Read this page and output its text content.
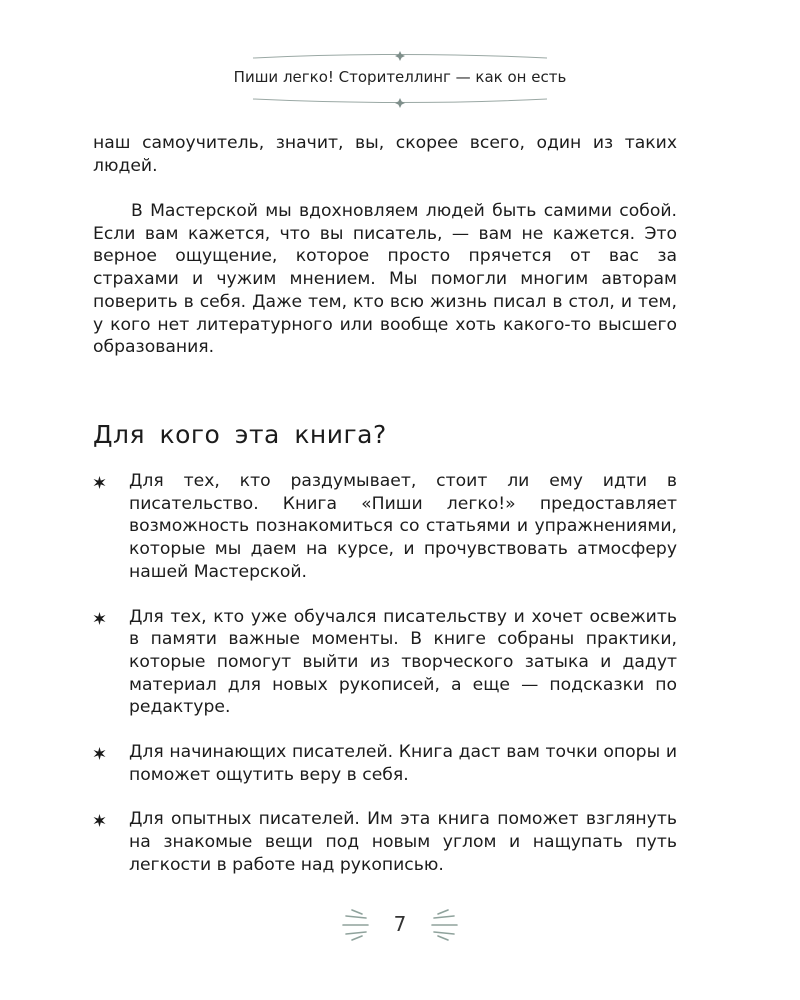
Пиши легко! Сторителлинг — как он есть

наш самоучитель, значит, вы, скорее всего, один из таких людей.

В Мастерской мы вдохновляем людей быть самими собой. Если вам кажется, что вы писатель, — вам не кажется. Это верное ощущение, которое просто прячется от вас за страхами и чужим мнением. Мы помогли многим авторам поверить в себя. Даже тем, кто всю жизнь писал в стол, и тем, у кого нет литературного или вообще хоть какого-то высшего образования.

Для кого эта книга?
Для тех, кто раздумывает, стоит ли ему идти в писательство. Книга «Пиши легко!» предоставляет возможность познакомиться со статьями и упражнениями, которые мы даем на курсе, и прочувствовать атмосферу нашей Мастерской.
Для тех, кто уже обучался писательству и хочет освежить в памяти важные моменты. В книге собраны практики, которые помогут выйти из творческого затыка и дадут материал для новых рукописей, а еще — подсказки по редактуре.
Для начинающих писателей. Книга даст вам точки опоры и поможет ощутить веру в себя.
Для опытных писателей. Им эта книга поможет взглянуть на знакомые вещи под новым углом и нащупать путь легкости в работе над рукописью.
7
